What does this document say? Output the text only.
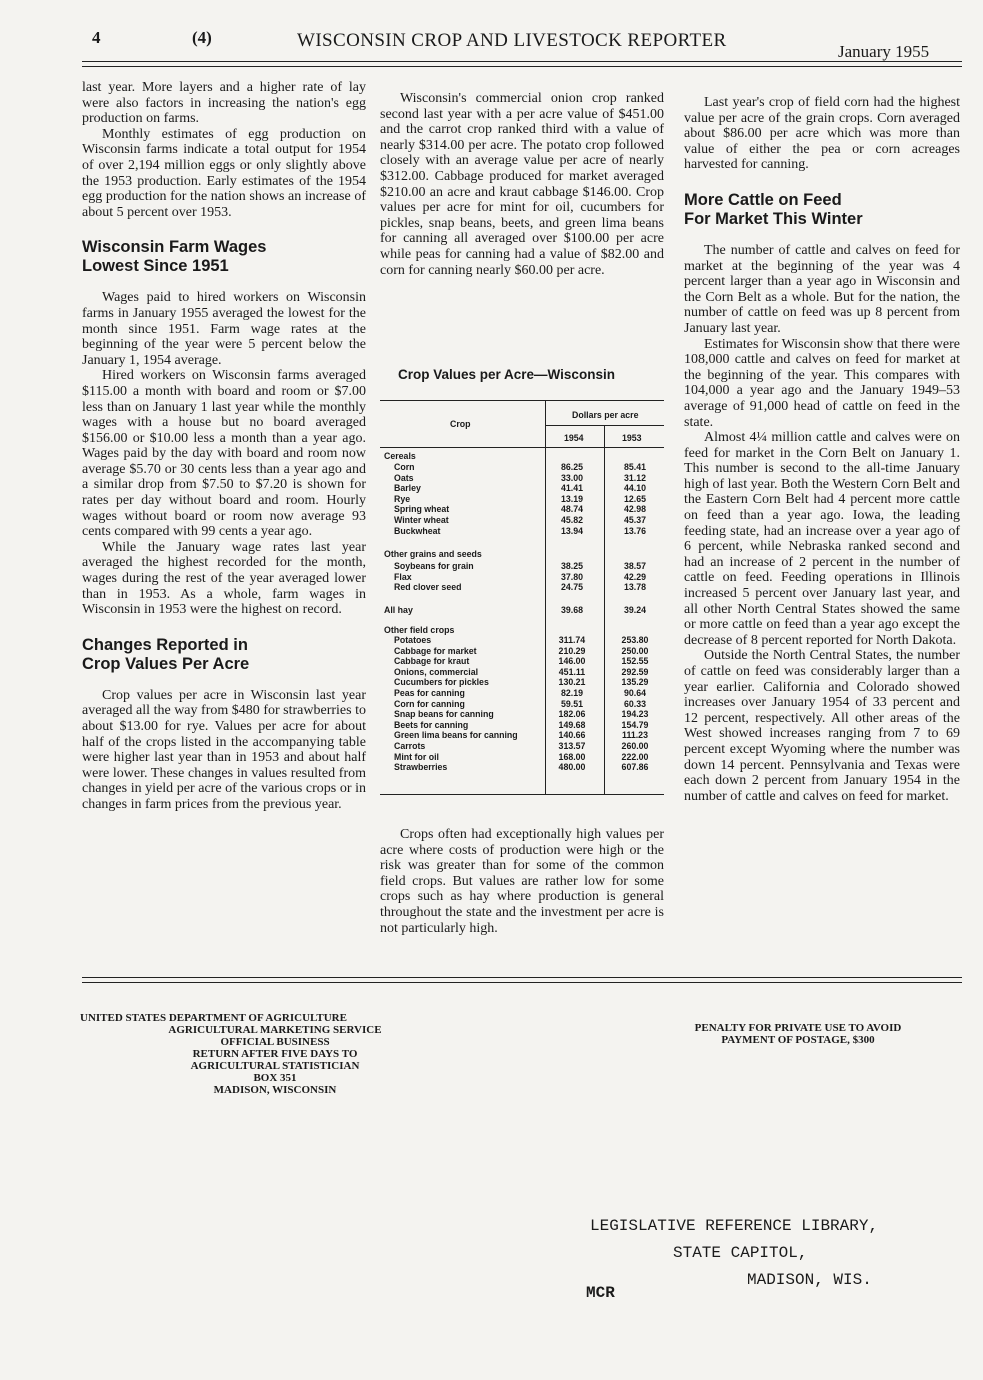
4	(4)	WISCONSIN CROP AND LIVESTOCK REPORTER
January 1955

last year. More layers and a higher rate of lay were also factors in increasing the nation's egg production on farms.

Monthly estimates of egg production on Wisconsin farms indicate a total output for 1954 of over 2,194 million eggs or only slightly above the 1953 production. Early estimates of the 1954 egg production for the nation shows an increase of about 5 percent over 1953.

Wisconsin Farm Wages
Lowest Since 1951

Wages paid to hired workers on Wisconsin farms in January 1955 averaged the lowest for the month since 1951. Farm wage rates at the beginning of the year were 5 percent below the January 1, 1954 average.

Hired workers on Wisconsin farms averaged $115.00 a month with board and room or $7.00 less than on January 1 last year while the monthly wages with a house but no board averaged $156.00 or $10.00 less a month than a year ago. Wages paid by the day with board and room now average $5.70 or 30 cents less than a year ago and a similar drop from $7.50 to $7.20 is shown for rates per day without board and room. Hourly wages without board or room now average 93 cents compared with 99 cents a year ago.

While the January wage rates last year averaged the highest recorded for the month, wages during the rest of the year averaged lower than in 1953. As a whole, farm wages in Wisconsin in 1953 were the highest on record.

Changes Reported in
Crop Values Per Acre

Crop values per acre in Wisconsin last year averaged all the way from $480 for strawberries to about $13.00 for rye. Values per acre for about half of the crops listed in the accompanying table were higher last year than in 1953 and about half were lower. These changes in values resulted from changes in yield per acre of the various crops or in changes in farm prices from the previous year.

Wisconsin's commercial onion crop ranked second last year with a per acre value of $451.00 and the carrot crop ranked third with a value of nearly $314.00 per acre. The potato crop followed closely with an average value per acre of nearly $312.00. Cabbage produced for market averaged $210.00 an acre and kraut cabbage $146.00. Crop values per acre for mint for oil, cucumbers for pickles, snap beans, beets, and green lima beans for canning all averaged over $100.00 per acre while peas for canning had a value of $82.00 and corn for canning nearly $60.00 per acre.

Crop Values per Acre—Wisconsin
Crop
Dollars per acre
1954	1953
Cereals
Corn	86.25	85.41
Oats	33.00	31.12
Barley	41.41	44.10
Rye	13.19	12.65
Spring wheat	48.74	42.98
Winter wheat	45.82	45.37
Buckwheat	13.94	13.76
Other grains and seeds
Soybeans for grain	38.25	38.57
Flax	37.80	42.29
Red clover seed	24.75	13.78
All hay	39.68	39.24
Other field crops
Potatoes	311.74	253.80
Cabbage for market	210.29	250.00
Cabbage for kraut	146.00	152.55
Onions, commercial	451.11	292.59
Cucumbers for pickles	130.21	135.29
Peas for canning	82.19	90.64
Corn for canning	59.51	60.33
Snap beans for canning	182.06	194.23
Beets for canning	149.68	154.79
Green lima beans for canning	140.66	111.23
Carrots	313.57	260.00
Mint for oil	168.00	222.00
Strawberries	480.00	607.86

Crops often had exceptionally high values per acre where costs of production were high or the risk was greater than for some of the common field crops. But values are rather low for some crops such as hay where production is general throughout the state and the investment per acre is not particularly high.

Last year's crop of field corn had the highest value per acre of the grain crops. Corn averaged about $86.00 per acre which was more than value of either the pea or corn acreages harvested for canning.

More Cattle on Feed
For Market This Winter

The number of cattle and calves on feed for market at the beginning of the year was 4 percent larger than a year ago in Wisconsin and the Corn Belt as a whole. But for the nation, the number of cattle on feed was up 8 percent from January last year.

Estimates for Wisconsin show that there were 108,000 cattle and calves on feed for market at the beginning of the year. This compares with 104,000 a year ago and the January 1949–53 average of 91,000 head of cattle on feed in the state.

Almost 4¼ million cattle and calves were on feed for market in the Corn Belt on January 1. This number is second to the all-time January high of last year. Both the Western Corn Belt and the Eastern Corn Belt had 4 percent more cattle on feed than a year ago. Iowa, the leading feeding state, had an increase over a year ago of 6 percent, while Nebraska ranked second and had an increase of 2 percent in the number of cattle on feed. Feeding operations in Illinois increased 5 percent over January last year, and all other North Central States showed the same or more cattle on feed than a year ago except the decrease of 8 percent reported for North Dakota.

Outside the North Central States, the number of cattle on feed was considerably larger than a year earlier. California and Colorado showed increases over January 1954 of 33 percent and 12 percent, respectively. All other areas of the West showed increases ranging from 7 to 69 percent except Wyoming where the number was down 14 percent. Pennsylvania and Texas were each down 2 percent from January 1954 in the number of cattle and calves on feed for market.

UNITED STATES DEPARTMENT OF AGRICULTURE
AGRICULTURAL MARKETING SERVICE
OFFICIAL BUSINESS
RETURN AFTER FIVE DAYS TO
AGRICULTURAL STATISTICIAN
BOX 351
MADISON, WISCONSIN
PENALTY FOR PRIVATE USE TO AVOID
PAYMENT OF POSTAGE, $300
LEGISLATIVE REFERENCE LIBRARY,
STATE CAPITOL,
MADISON, WIS.
MCR
